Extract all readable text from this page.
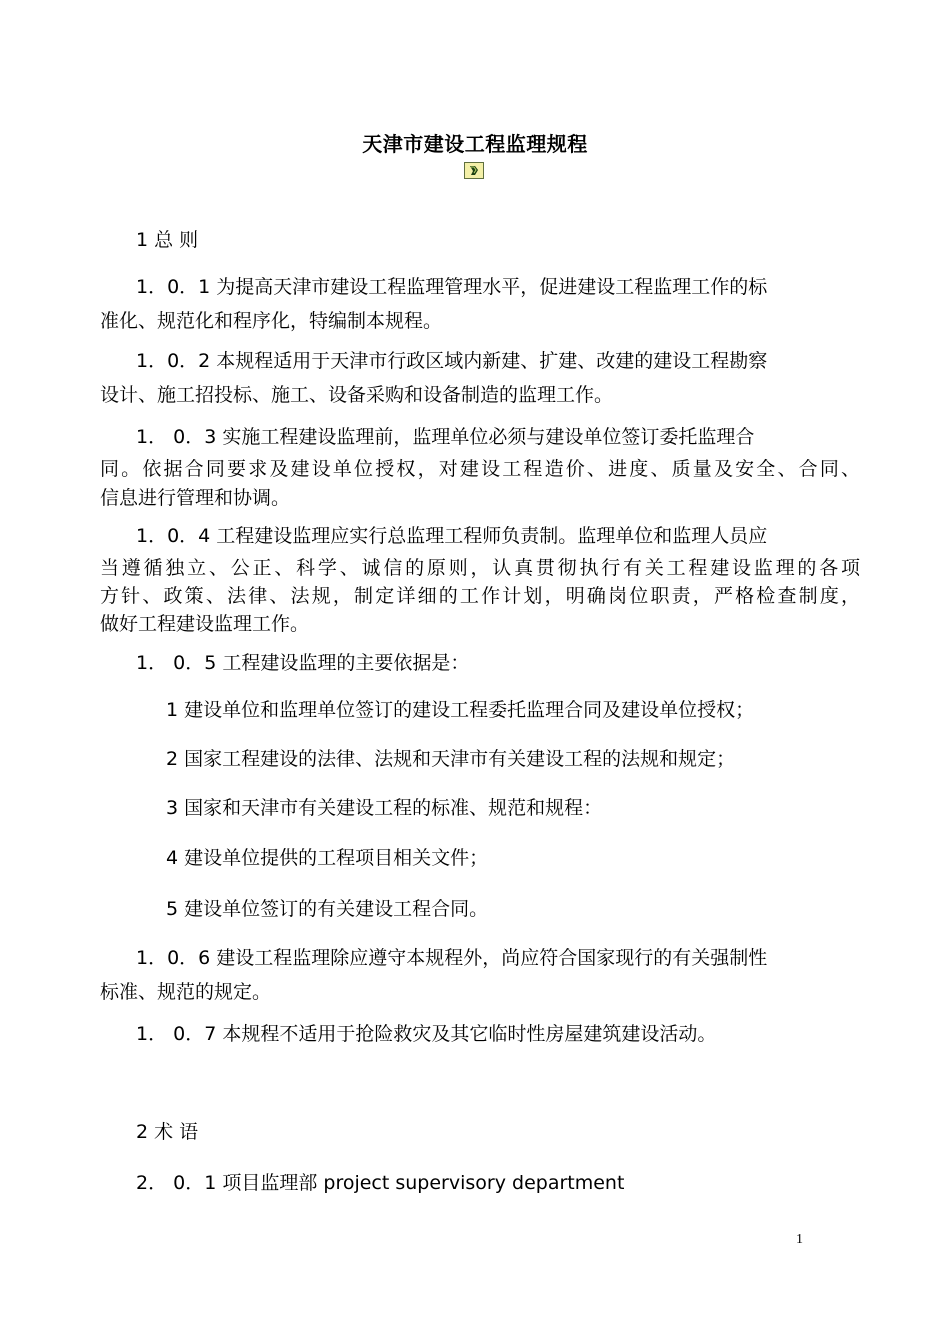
天津市建设工程监理规程
1 总 则
1．0．1 为提高天津市建设工程监理管理水平，促进建设工程监理工作的标
准化、规范化和程序化，特编制本规程。
1．0．2 本规程适用于天津市行政区域内新建、扩建、改建的建设工程勘察
设计、施工招投标、施工、设备采购和设备制造的监理工作。
1． 0．3 实施工程建设监理前，监理单位必须与建设单位签订委托监理合
同。依据合同要求及建设单位授权，对建设工程造价、进度、质量及安全、合同、
信息进行管理和协调。
1．0．4 工程建设监理应实行总监理工程师负责制。监理单位和监理人员应
当遵循独立、公正、科学、诚信的原则，认真贯彻执行有关工程建设监理的各项
方针、政策、法律、法规，制定详细的工作计划，明确岗位职责，严格检查制度，
做好工程建设监理工作。
1． 0．5 工程建设监理的主要依据是：
1 建设单位和监理单位签订的建设工程委托监理合同及建设单位授权；
2 国家工程建设的法律、法规和天津市有关建设工程的法规和规定；
3 国家和天津市有关建设工程的标准、规范和规程：
4 建设单位提供的工程项目相关文件；
5 建设单位签订的有关建设工程合同。
1．0．6 建设工程监理除应遵守本规程外，尚应符合国家现行的有关强制性
标准、规范的规定。
1． 0．7 本规程不适用于抢险救灾及其它临时性房屋建筑建设活动。
2 术 语
2． 0．1 项目监理部 project supervisory department
1
